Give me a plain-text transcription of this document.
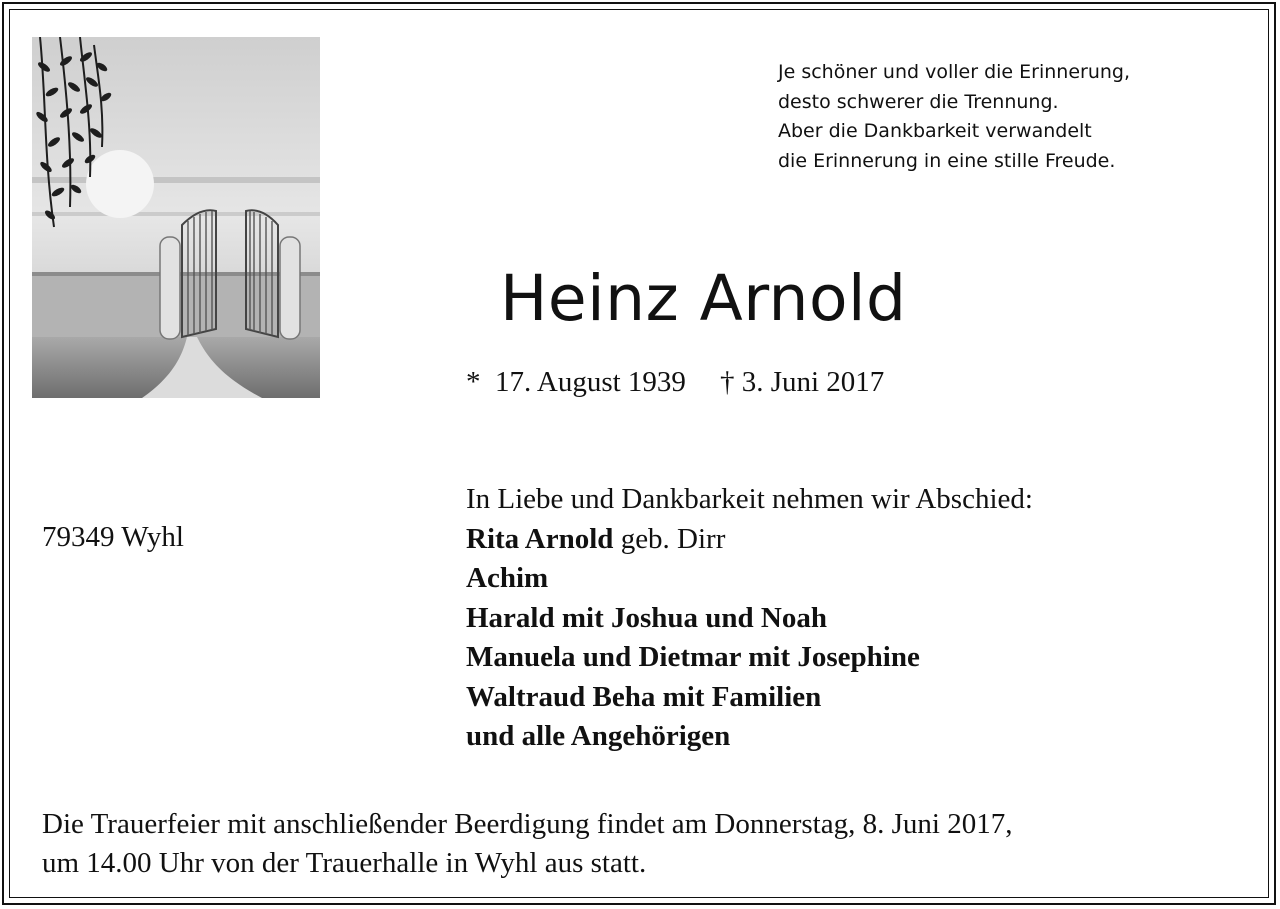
Je schöner und voller die Erinnerung,
desto schwerer die Trennung.
Aber die Dankbarkeit verwandelt
die Erinnerung in eine stille Freude.
Heinz Arnold
* 17. August 1939 † 3. Juni 2017
79349 Wyhl
In Liebe und Dankbarkeit nehmen wir Abschied:
Rita Arnold geb. Dirr
Achim
Harald mit Joshua und Noah
Manuela und Dietmar mit Josephine
Waltraud Beha mit Familien
und alle Angehörigen
Die Trauerfeier mit anschließender Beerdigung findet am Donnerstag, 8. Juni 2017,
um 14.00 Uhr von der Trauerhalle in Wyhl aus statt.
